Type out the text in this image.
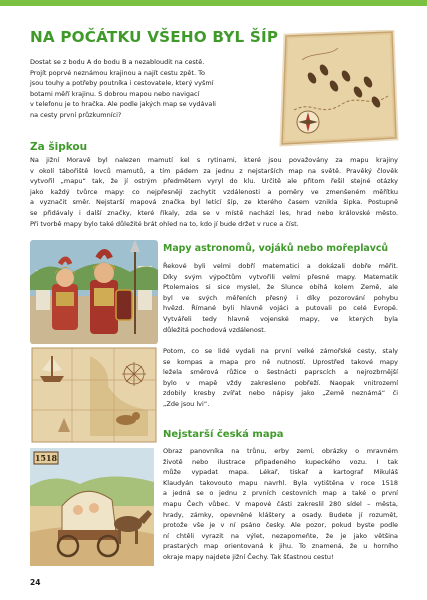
NA POČÁTKU VŠEHO BYL ŠÍP
Dostat se z bodu A do bodu B a nezabloudit na cestě.
Projít poprvé neznámou krajinou a najít cestu zpět. To
jsou touhy a potřeby poutníka i cestovatele, který vyšmí
botami měří krajinu. S dobrou mapou nebo navigací
v telefonu je to hračka. Ale podle jakých map se vydávali
na cesty první průzkumníci?
Za šipkou
Na jižní Moravě byl nalezen mamutí kel s rytinami, které jsou považovány za mapu krajiny
v okolí tábořiště lovců mamutů, a tím pádem za jednu z nejstarších map na světě. Pravěký člověk
vytvořil „mapu“ tak, že jí ostrým předmětem vyryl do klu. Určitě ale přitom řešil stejné otázky
jako každý tvůrce mapy: co nejpřesněji zachytit vzdálenosti a poměry ve zmenšeném měřítku
a vyznačit směr. Nejstarší mapová značka byl letící šíp, ze kterého časem vznikla šipka. Postupně
se přidávaly i další značky, které říkaly, zda se v místě nachází les, hrad nebo královské město.
Při tvorbě mapy bylo také důležité brát ohled na to, kdo jí bude držet v ruce a číst.
Mapy astronomů, vojáků nebo mořeplavců
Řekové byli velmi dobří matematici a dokázali dobře měřit.
Díky svým výpočtům vytvořili velmi přesné mapy. Matematik
Ptolemaios si sice myslel, že Slunce obíhá kolem Země, ale
byl ve svých měřeních přesný i díky pozorování pohybu
hvězd. Římané byli hlavně vojáci a putovali po celé Evropě.
Vytvářeli tedy hlavně vojenské mapy, ve kterých byla
důležitá pochodová vzdálenost.
Potom, co se lidé vydali na první velké zámořské cesty, staly
se kompas a mapa pro ně nutností. Uprostřed takové mapy
ležela směrová růžice o šestnácti paprscích a nejrozbrnější
bylo v mapě vždy zakresleno pobřeží. Naopak vnitrozemí
zdobily kresby zvířat nebo nápisy jako „Země neznámá“ či
„Zde jsou lvi“.
Nejstarší česká mapa
Obraz panovníka na trůnu, erby zemí, obrázky o mravném
životě nebo ilustrace připadeného kupeckého vozu. I tak
může vypadat mapa. Lékař, tiskař a kartograf Mikuláš
Klaudyán takovouto mapu navrhl. Byla vytištěna v roce 1518
a jedná se o jednu z prvních cestovních map a také o první
mapu Čech vůbec. V mapové části zakreslil 280 sídel – města,
hrady, zámky, opevněné kláštery a osady. Budete jí rozumět,
protože vše je v ní psáno česky. Ale pozor, pokud byste podle
ní chtěli vyrazit na výlet, nezapomeňte, že je jako většina
prastarých map orientovaná k jihu. To znamená, že u horního
okraje mapy najdete jižní Čechy. Tak šťastnou cestu!
1518
24
